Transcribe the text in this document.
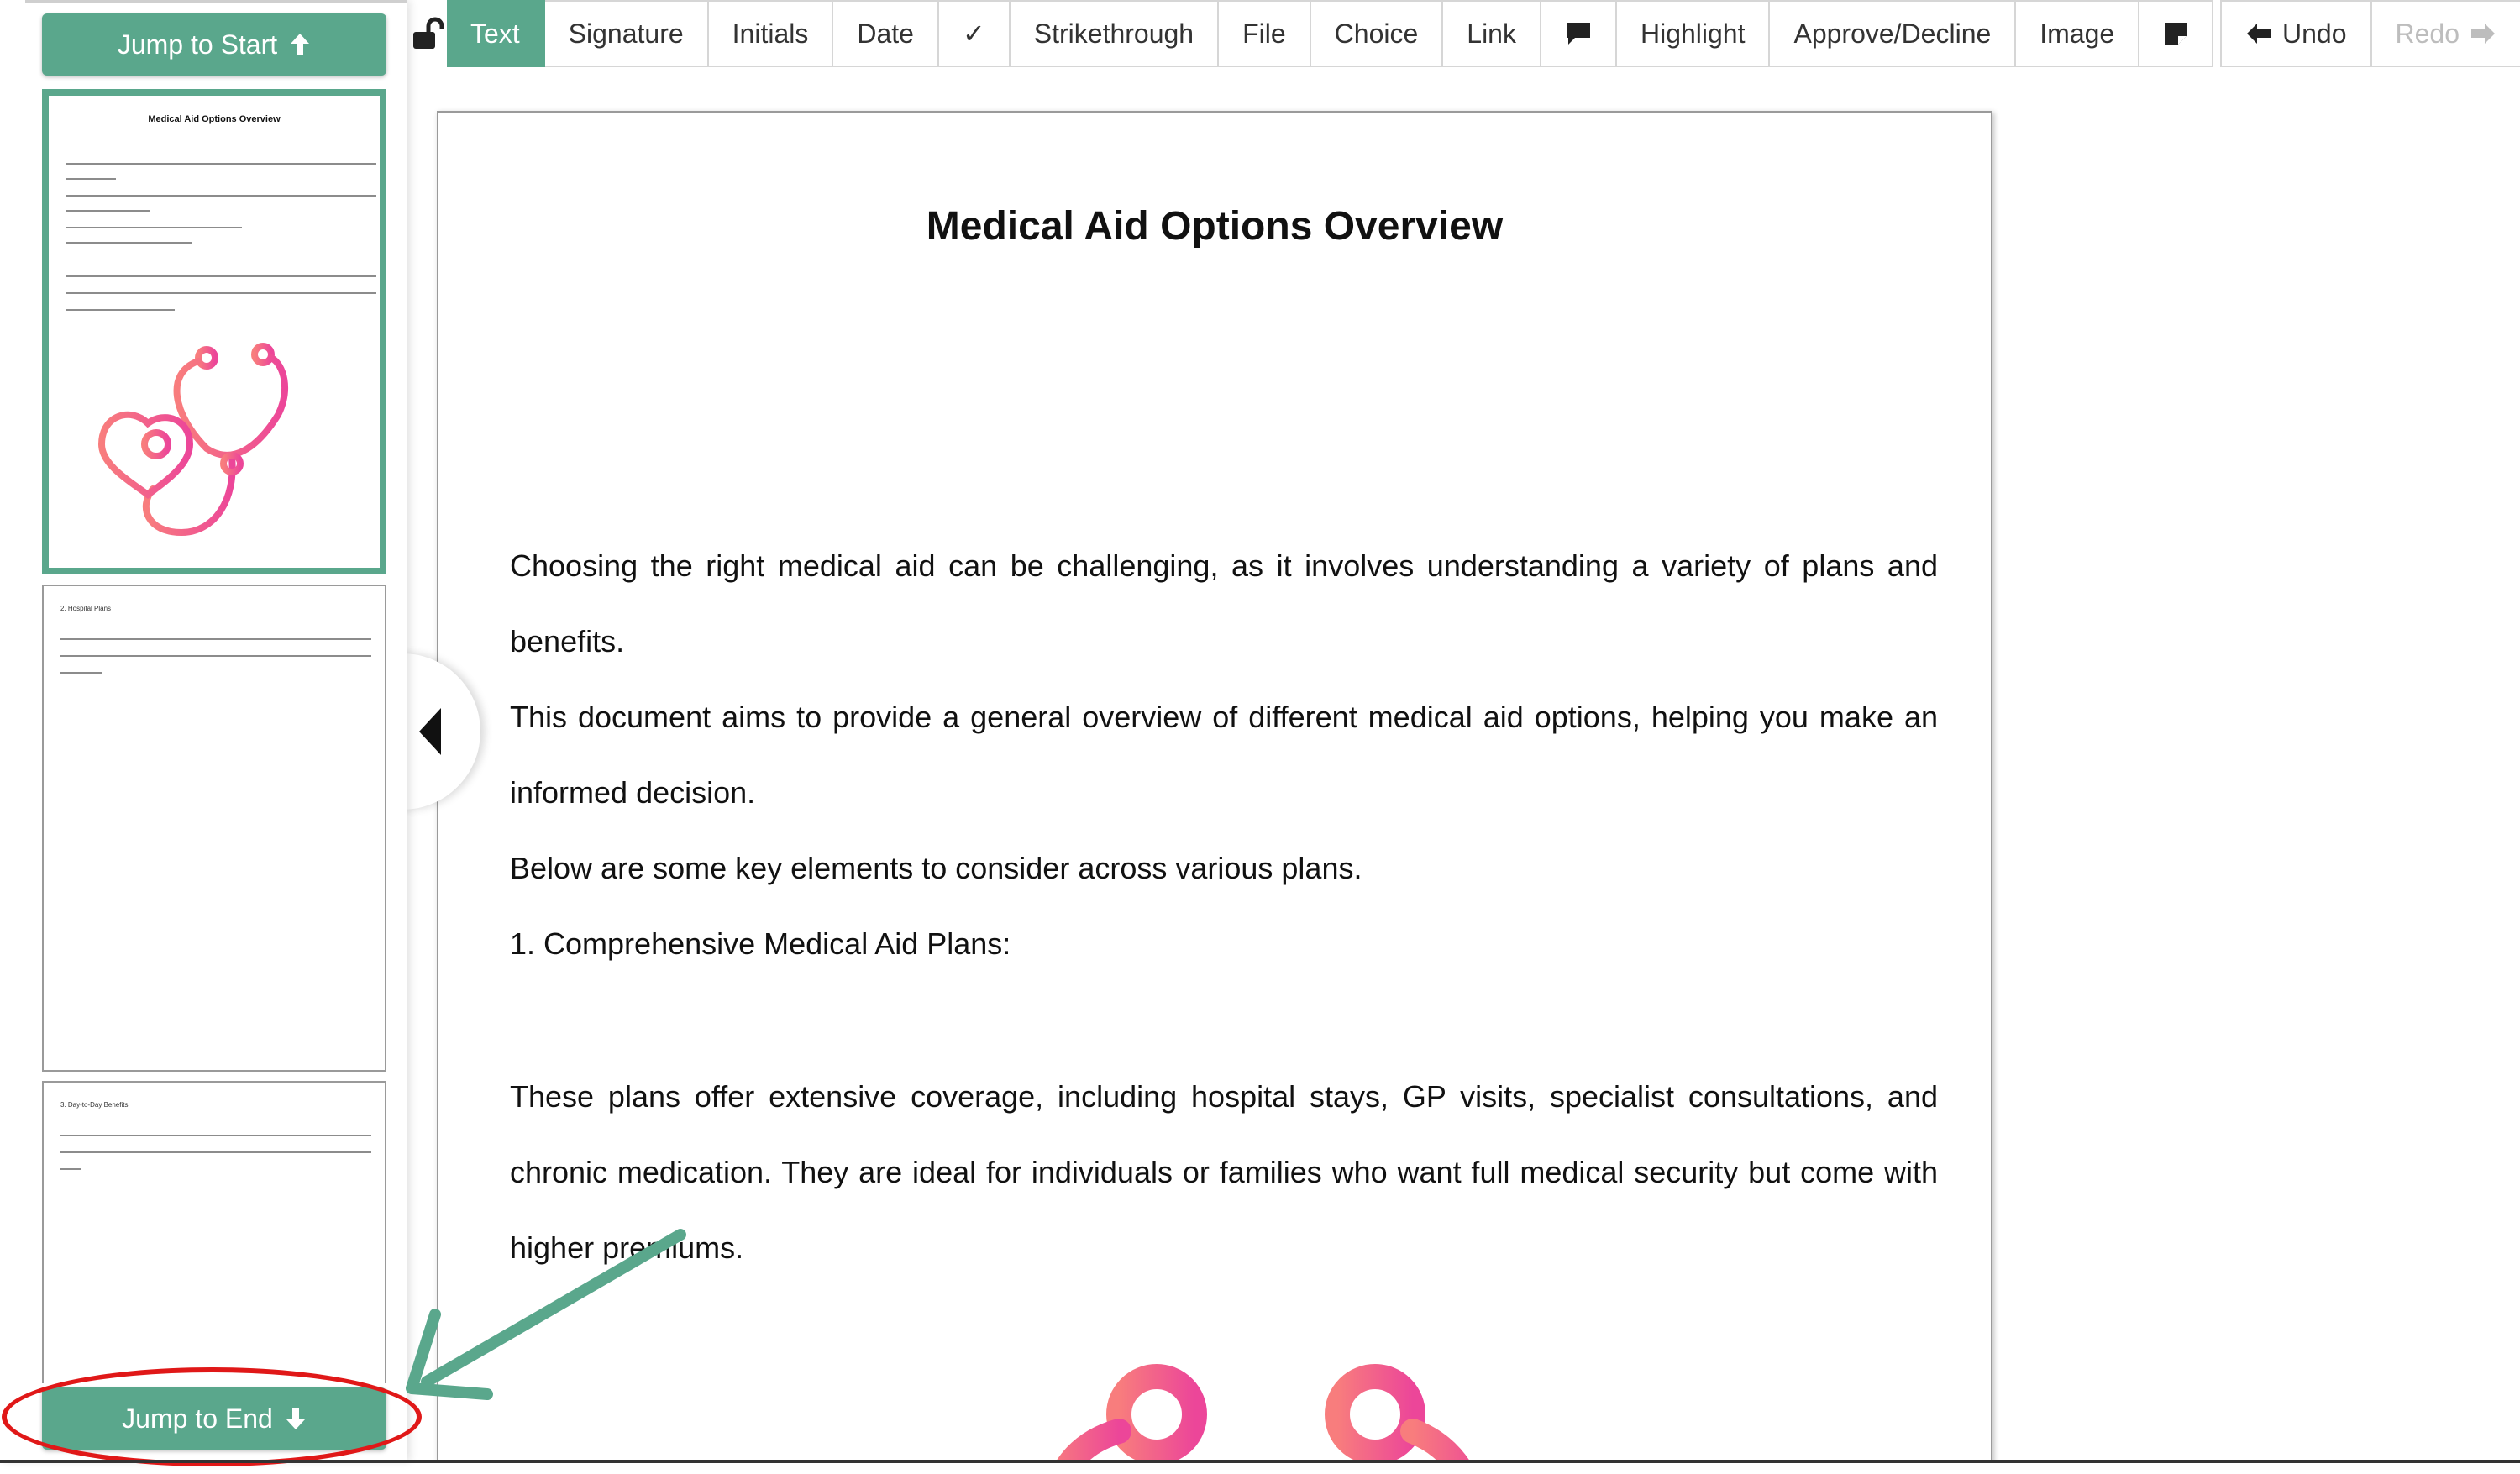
Jump to Start
Medical Aid Options Overview
2. Hospital Plans
3. Day-to-Day Benefits
Jump to End
Text Signature Initials Date ✓ Strikethrough File Choice Link	Highlight Approve/Decline Image	Undo Redo
Medical Aid Options Overview
Choosing the right medical aid can be challenging, as it involves understanding a variety of plans and benefits.
This document aims to provide a general overview of different medical aid options, helping you make an informed decision.
Below are some key elements to consider across various plans.
1. Comprehensive Medical Aid Plans:
These plans offer extensive coverage, including hospital stays, GP visits, specialist consultations, and chronic medication. They are ideal for individuals or families who want full medical security but come with higher premiums.
